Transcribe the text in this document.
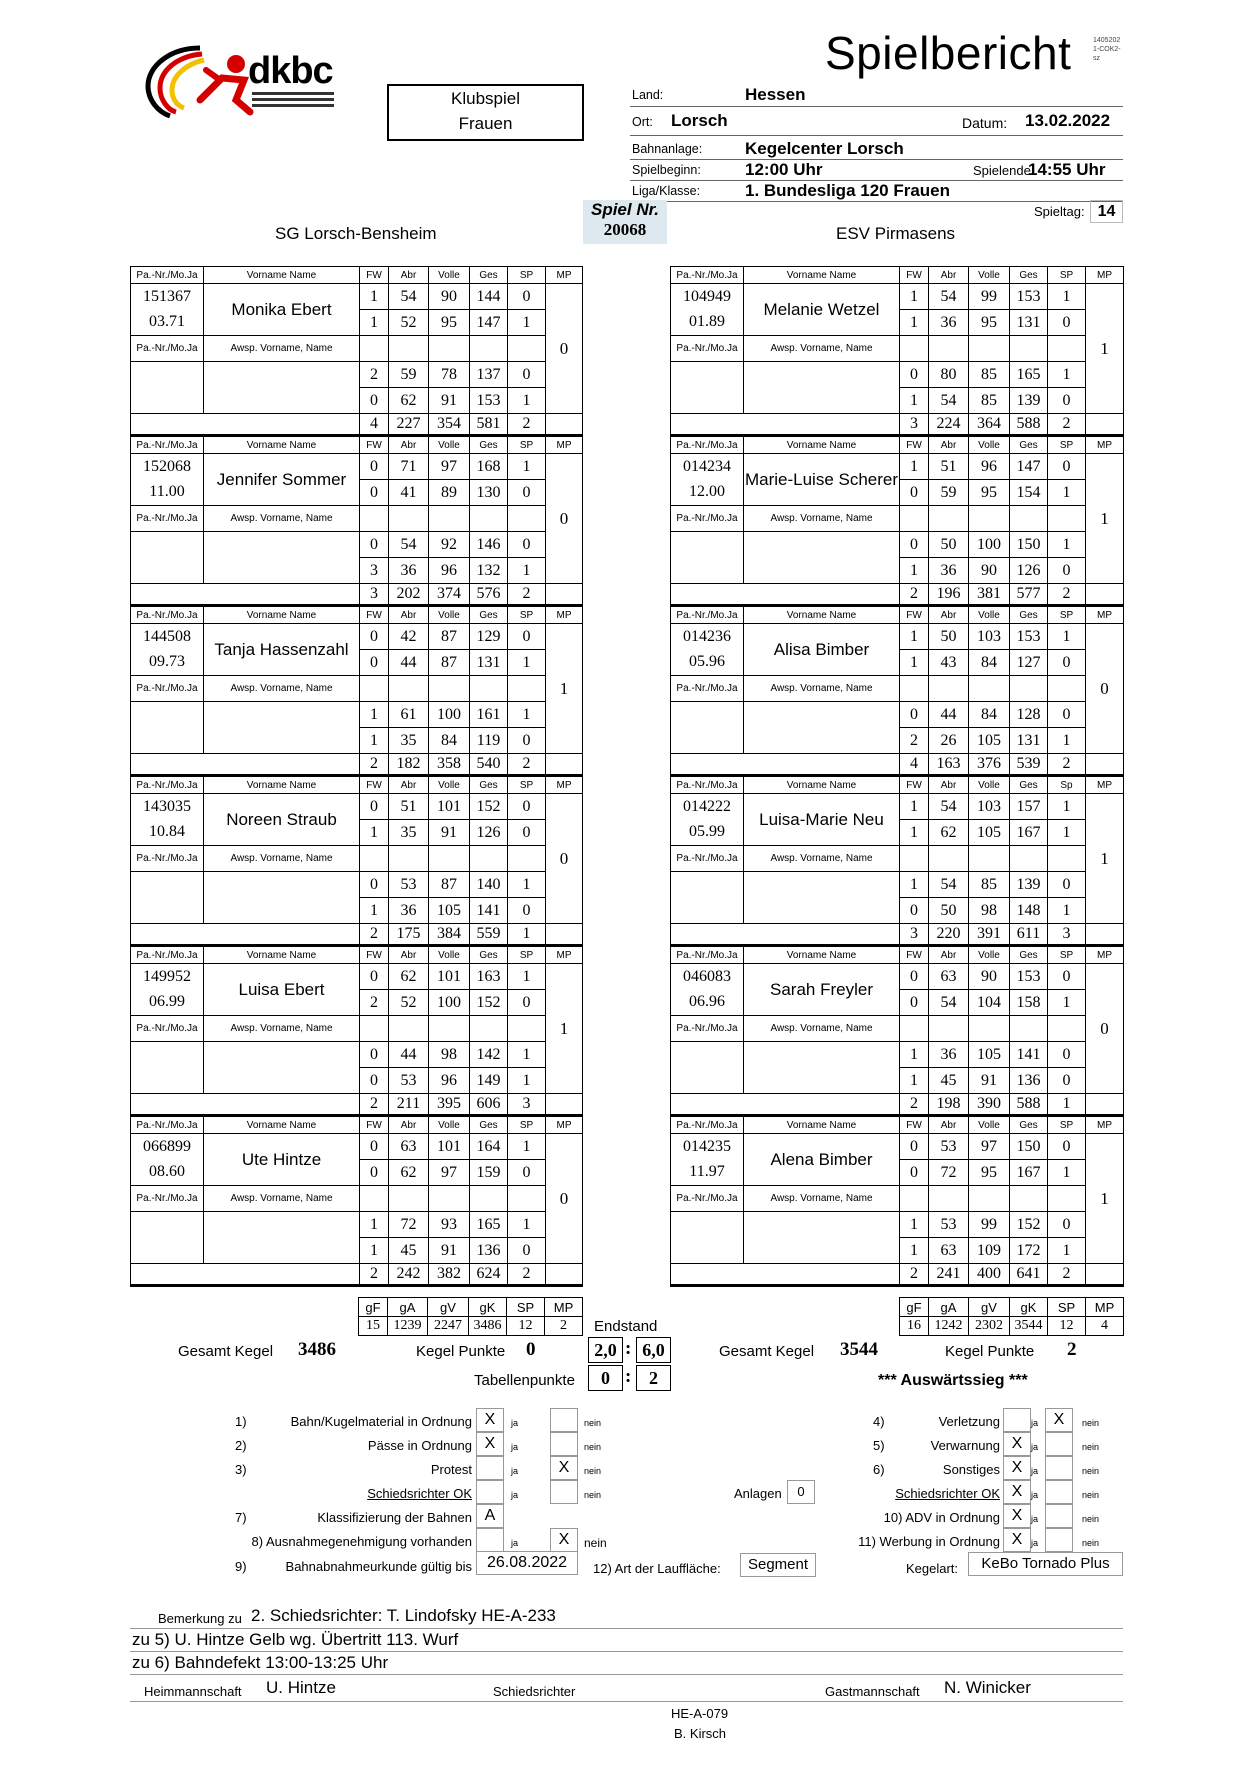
dkbc	Spielbericht	1405202
1-COK2-
sz
Klubspiel
Frauen
Land:	Hessen
Ort: Lorsch	Datum: 13.02.2022
Bahnanlage:	Kegelcenter Lorsch
Spielbeginn:	12:00 Uhr	Spielende:
14:55 Uhr
Liga/Klasse:	1. Bundesliga 120 Frauen
Spiel Nr.
20068
Spieltag: 14
SG Lorsch-Bensheim	ESV Pirmasens
Pa.-Nr./Mo.Ja	Vorname Name	FW	Abr	Volle	Ges	SP	MP
151367	Monika Ebert	1	54	90	144	0	0
03.71		1	52	95	147	1	
Pa.-Nr./Mo.Ja	Awsp. Vorname, Name						
		2	59	78	137	0	
		0	62	91	153	1	
		4	227	354	581	2	
Pa.-Nr./Mo.Ja	Vorname Name	FW	Abr	Volle	Ges	SP	MP
152068	Jennifer Sommer	0	71	97	168	1	0
11.00		0	41	89	130	0	
Pa.-Nr./Mo.Ja	Awsp. Vorname, Name						
		0	54	92	146	0	
		3	36	96	132	1	
		3	202	374	576	2	
Pa.-Nr./Mo.Ja	Vorname Name	FW	Abr	Volle	Ges	SP	MP
144508	Tanja Hassenzahl	0	42	87	129	0	1
09.73		0	44	87	131	1	
Pa.-Nr./Mo.Ja	Awsp. Vorname, Name						
		1	61	100	161	1	
		1	35	84	119	0	
		2	182	358	540	2	
Pa.-Nr./Mo.Ja	Vorname Name	FW	Abr	Volle	Ges	SP	MP
143035	Noreen Straub	0	51	101	152	0	0
10.84		1	35	91	126	0	
Pa.-Nr./Mo.Ja	Awsp. Vorname, Name						
		0	53	87	140	1	
		1	36	105	141	0	
		2	175	384	559	1	
Pa.-Nr./Mo.Ja	Vorname Name	FW	Abr	Volle	Ges	SP	MP
149952	Luisa Ebert	0	62	101	163	1	1
06.99		2	52	100	152	0	
Pa.-Nr./Mo.Ja	Awsp. Vorname, Name						
		0	44	98	142	1	
		0	53	96	149	1	
		2	211	395	606	3	
Pa.-Nr./Mo.Ja	Vorname Name	FW	Abr	Volle	Ges	SP	MP
066899	Ute Hintze	0	63	101	164	1	0
08.60		0	62	97	159	0	
Pa.-Nr./Mo.Ja	Awsp. Vorname, Name						
		1	72	93	165	1	
		1	45	91	136	0	
		2	242	382	624	2	
Pa.-Nr./Mo.Ja	Vorname Name	FW	Abr	Volle	Ges	SP	MP
104949	Melanie Wetzel	1	54	99	153	1	1
01.89		1	36	95	131	0	
Pa.-Nr./Mo.Ja	Awsp. Vorname, Name						
		0	80	85	165	1	
		1	54	85	139	0	
		3	224	364	588	2	
Pa.-Nr./Mo.Ja	Vorname Name	FW	Abr	Volle	Ges	SP	MP
014234	Marie-Luise Scherer	1	51	96	147	0	1
12.00		0	59	95	154	1	
Pa.-Nr./Mo.Ja	Awsp. Vorname, Name						
		0	50	100	150	1	
		1	36	90	126	0	
		2	196	381	577	2	
Pa.-Nr./Mo.Ja	Vorname Name	FW	Abr	Volle	Ges	SP	MP
014236	Alisa Bimber	1	50	103	153	1	0
05.96		1	43	84	127	0	
Pa.-Nr./Mo.Ja	Awsp. Vorname, Name						
		0	44	84	128	0	
		2	26	105	131	1	
		4	163	376	539	2	
Pa.-Nr./Mo.Ja	Vorname Name	FW	Abr	Volle	Ges	Sp	MP
014222	Luisa-Marie Neu	1	54	103	157	1	1
05.99		1	62	105	167	1	
Pa.-Nr./Mo.Ja	Awsp. Vorname, Name						
		1	54	85	139	0	
		0	50	98	148	1	
		3	220	391	611	3	
Pa.-Nr./Mo.Ja	Vorname Name	FW	Abr	Volle	Ges	SP	MP
046083	Sarah Freyler	0	63	90	153	0	0
06.96		0	54	104	158	1	
Pa.-Nr./Mo.Ja	Awsp. Vorname, Name						
		1	36	105	141	0	
		1	45	91	136	0	
		2	198	390	588	1	
Pa.-Nr./Mo.Ja	Vorname Name	FW	Abr	Volle	Ges	SP	MP
014235	Alena Bimber	0	53	97	150	0	1
11.97		0	72	95	167	1	
Pa.-Nr./Mo.Ja	Awsp. Vorname, Name						
		1	53	99	152	0	
		1	63	109	172	1	
		2	241	400	641	2	
gF	gA	gV	gK	SP	MP
15	1239	2247	3486	12	2
gF	gA	gV	gK	SP	MP
16	1242	2302	3544	12	4
Endstand
Gesamt Kegel 3486	Kegel Punkte 0	2,0 : 6,0	Gesamt Kegel 3544	Kegel Punkte 2
Tabellenpunkte	0 : 2	*** Auswärtssieg ***
1)	Bahn/Kugelmaterial in Ordnung X	ja	nein
2)	Pässe in Ordnung X	ja	nein
3)	Protest	ja	X	nein
Schiedsrichter OK	ja	nein	Anlagen	0
7)	Klassifizierung der Bahnen A
8) Ausnahmegenehmigung vorhanden	ja	X	nein
9)	Bahnabnahmeurkunde gültig bis 26.08.2022	12) Art der Lauffläche:	Segment
4)	Verletzung	ja X	nein
5)	Verwarnung X ja	nein
6)	Sonstiges X ja	nein
Schiedsrichter OK X ja	nein
10) ADV in Ordnung X ja	nein
11) Werbung in Ordnung X ja	nein
Kegelart:	KeBo Tornado Plus
Bemerkung zu 2. Schiedsrichter: T. Lindofsky HE-A-233
zu 5) U. Hintze Gelb wg. Übertritt 113. Wurf
zu 6) Bahndefekt 13:00-13:25 Uhr
Heimmannschaft U. Hintze	Schiedsrichter	Gastmannschaft N. Winicker
HE-A-079
B. Kirsch
